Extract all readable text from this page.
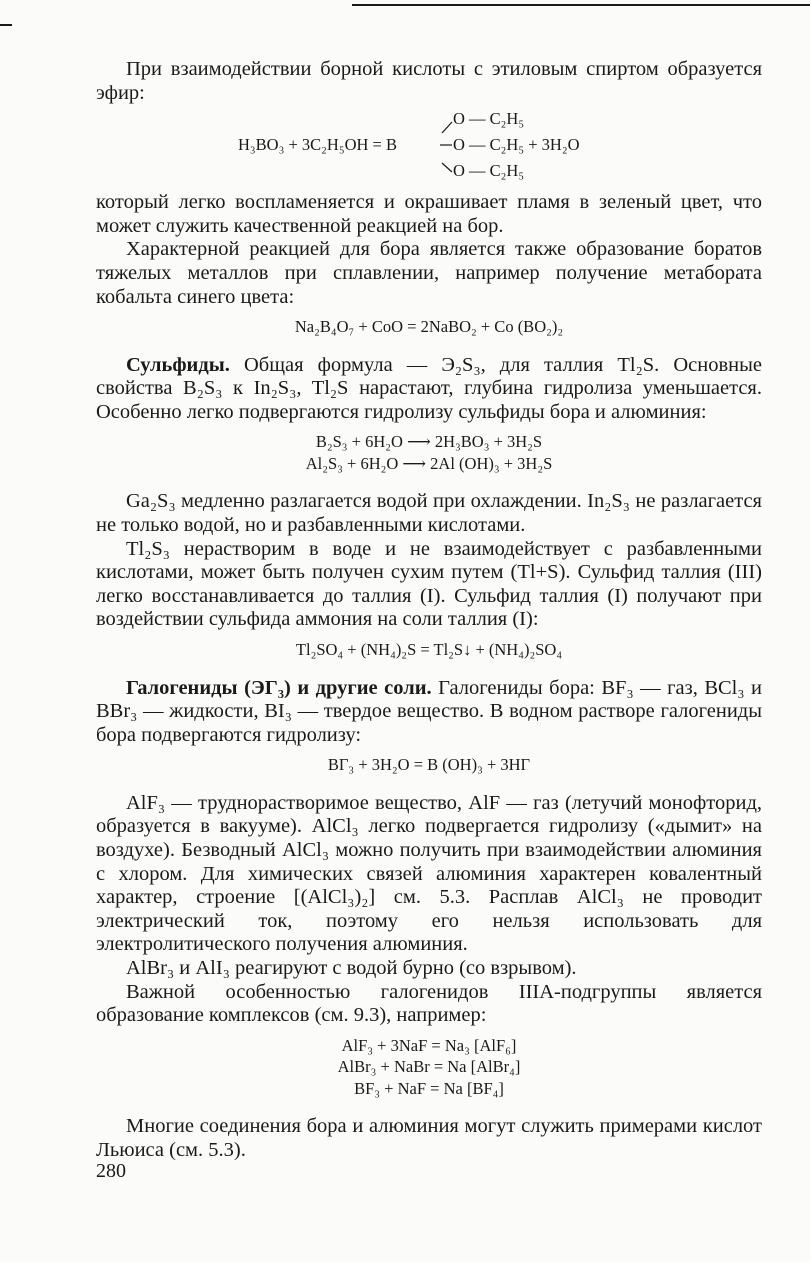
При взаимодействии борной кислоты с этиловым спиртом образуется эфир:

H₃BO₃ + 3C₂H₅OH = B
O — C₂H₅
O — C₂H₅ + 3H₂O
O — C₂H₅

который легко воспламеняется и окрашивает пламя в зеленый цвет, что может служить качественной реакцией на бор.

Характерной реакцией для бора является также образование боратов тяжелых металлов при сплавлении, например получение метабората кобальта синего цвета:

Na₂B₄O₇ + CoO = 2NaBO₂ + Co (BO₂)₂

Сульфиды. Общая формула — Э₂S₃, для таллия Tl₂S. Основные свойства B₂S₃ к In₂S₃, Tl₂S нарастают, глубина гидролиза уменьшается. Особенно легко подвергаются гидролизу сульфиды бора и алюминия:

B₂S₃ + 6H₂O ⟶ 2H₃BO₃ + 3H₂S
Al₂S₃ + 6H₂O ⟶ 2Al (OH)₃ + 3H₂S

Ga₂S₃ медленно разлагается водой при охлаждении. In₂S₃ не разлагается не только водой, но и разбавленными кислотами.

Tl₂S₃ нерастворим в воде и не взаимодействует с разбавленными кислотами, может быть получен сухим путем (Tl+S). Сульфид таллия (III) легко восстанавливается до таллия (I). Сульфид таллия (I) получают при воздействии сульфида аммония на соли таллия (I):

Tl₂SO₄ + (NH₄)₂S = Tl₂S↓ + (NH₄)₂SO₄

Галогениды (ЭГ₃) и другие соли. Галогениды бора: BF₃ — газ, BCl₃ и BBr₃ — жидкости, BI₃ — твердое вещество. В водном растворе галогениды бора подвергаются гидролизу:

BГ₃ + 3H₂O = B (OH)₃ + 3HГ

AlF₃ — труднорастворимое вещество, AlF — газ (летучий монофторид, образуется в вакууме). AlCl₃ легко подвергается гидролизу («дымит» на воздухе). Безводный AlCl₃ можно получить при взаимодействии алюминия с хлором. Для химических связей алюминия характерен ковалентный характер, строение [(AlCl₃)₂] см. 5.3. Расплав AlCl₃ не проводит электрический ток, поэтому его нельзя использовать для электролитического получения алюминия.

AlBr₃ и AlI₃ реагируют с водой бурно (со взрывом).

Важной особенностью галогенидов IIIA-подгруппы является образование комплексов (см. 9.3), например:

AlF₃ + 3NaF = Na₃ [AlF₆]
AlBr₃ + NaBr = Na [AlBr₄]
BF₃ + NaF = Na [BF₄]

Многие соединения бора и алюминия могут служить примерами кислот Льюиса (см. 5.3).

280
